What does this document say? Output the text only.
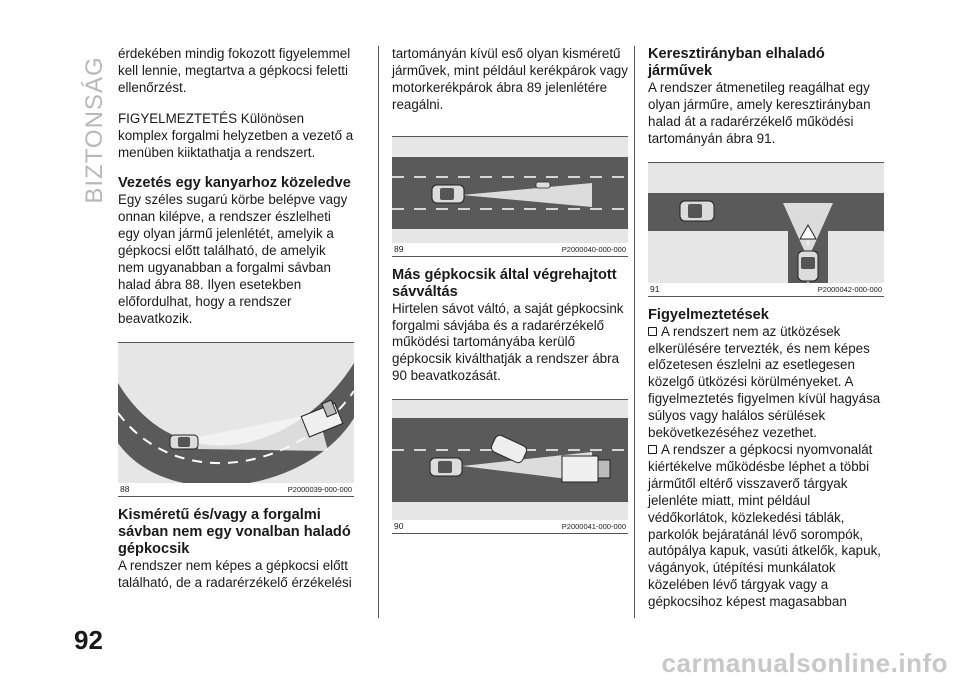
BIZTONSÁG

érdekében mindig fokozott figyelemmel kell lennie, megtartva a gépkocsi feletti ellenőrzést.

FIGYELMEZTETÉS Különösen komplex forgalmi helyzetben a vezető a menüben kiiktathatja a rendszert.

Vezetés egy kanyarhoz közeledve

Egy széles sugarú körbe belépve vagy onnan kilépve, a rendszer észlelheti egy olyan jármű jelenlétét, amelyik a gépkocsi előtt található, de amelyik nem ugyanabban a forgalmi sávban halad ábra 88. Ilyen esetekben előfordulhat, hogy a rendszer beavatkozik.

88	P2000039-000-000
Kisméretű és/vagy a forgalmi sávban nem egy vonalban haladó gépkocsik

A rendszer nem képes a gépkocsi előtt található, de a radarérzékelő érzékelési

tartományán kívül eső olyan kisméretű járművek, mint például kerékpárok vagy motorkerékpárok ábra 89 jelenlétére reagálni.

89	P2000040-000-000
Más gépkocsik által végrehajtott sávváltás

Hirtelen sávot váltó, a saját gépkocsink forgalmi sávjába és a radarérzékelő működési tartományába kerülő gépkocsik kiválthatják a rendszer ábra 90 beavatkozását.

90	P2000041-000-000
Keresztirányban elhaladó járművek

A rendszer átmenetileg reagálhat egy olyan járműre, amely keresztirányban halad át a radarérzékelő működési tartományán ábra 91.

91	P2000042-000-000
Figyelmeztetések

A rendszert nem az ütközések elkerülésére tervezték, és nem képes előzetesen észlelni az esetlegesen közelgő ütközési körülményeket. A figyelmeztetés figyelmen kívül hagyása súlyos vagy halálos sérülések bekövetkezéséhez vezethet.

A rendszer a gépkocsi nyomvonalát kiértékelve működésbe léphet a többi járműtől eltérő visszaverő tárgyak jelenléte miatt, mint például védőkorlátok, közlekedési táblák, parkolók bejáratánál lévő sorompók, autópálya kapuk, vasúti átkelők, kapuk, vágányok, útépítési munkálatok közelében lévő tárgyak vagy a gépkocsihoz képest magasabban

92
carmanualsonline.info
